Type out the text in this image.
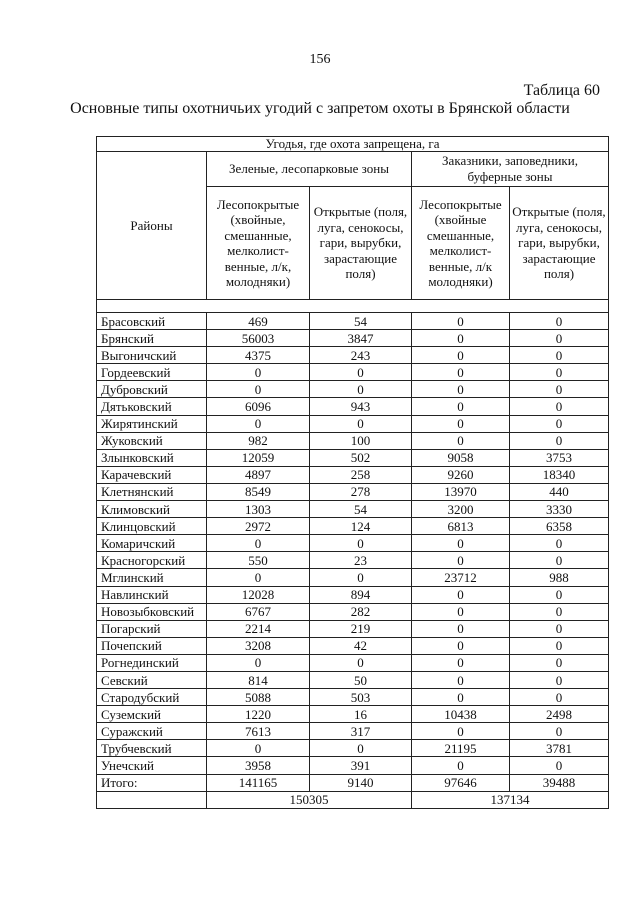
156
Таблица 60
Основные типы охотничьих угодий с запретом охоты в Брянской области
Угодья, где охота запрещена, га				
Районы	Зеленые, лесопарковые зоны		Заказники, заповедники, буферные зоны	
	Лесопокрытые (хвойные, смешанные, мелколист-венные, л/к, молодняки)	Открытые (поля, луга, сенокосы, гари, вырубки, зарастающие поля)	Лесопокрытые (хвойные смешанные, мелколист-венные, л/к молодняки)	Открытые (поля, луга, сенокосы, гари, вырубки, зарастающие поля)

Брасовский	469	54	0	0
Брянский	56003	3847	0	0
Выгоничский	4375	243	0	0
Гордеевский	0	0	0	0
Дубровский	0	0	0	0
Дятьковский	6096	943	0	0
Жирятинский	0	0	0	0
Жуковский	982	100	0	0
Злынковский	12059	502	9058	3753
Карачевский	4897	258	9260	18340
Клетнянский	8549	278	13970	440
Климовский	1303	54	3200	3330
Клинцовский	2972	124	6813	6358
Комаричский	0	0	0	0
Красногорский	550	23	0	0
Мглинский	0	0	23712	988
Навлинский	12028	894	0	0
Новозыбковский	6767	282	0	0
Погарский	2214	219	0	0
Почепский	3208	42	0	0
Рогнединский	0	0	0	0
Севский	814	50	0	0
Стародубский	5088	503	0	0
Суземский	1220	16	10438	2498
Суражский	7613	317	0	0
Трубчевский	0	0	21195	3781
Унечский	3958	391	0	0
Итого:	141165	9140	97646	39488
	150305		137134	
